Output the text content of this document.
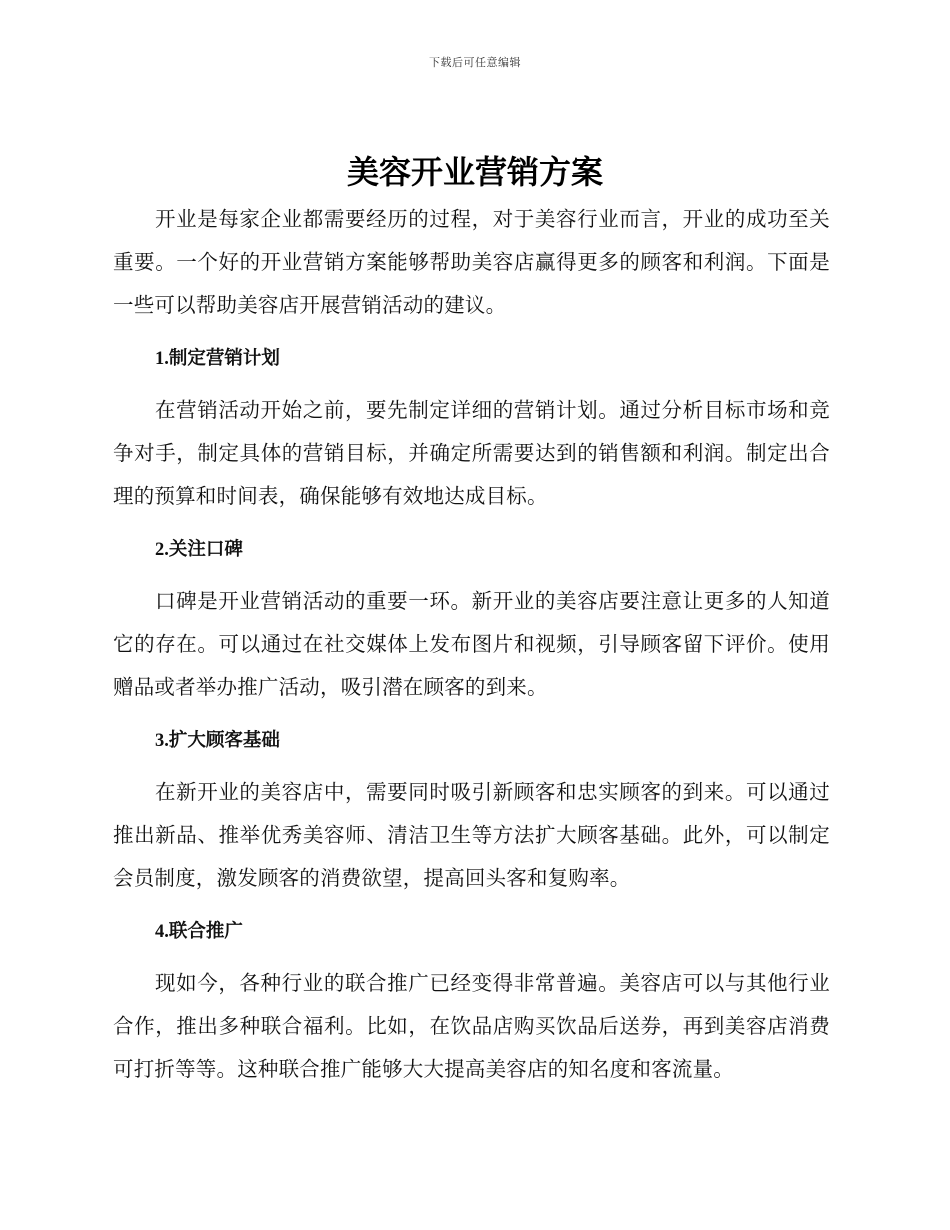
下载后可任意编辑
美容开业营销方案

开业是每家企业都需要经历的过程，对于美容行业而言，开业的成功至关重要。一个好的开业营销方案能够帮助美容店赢得更多的顾客和利润。下面是一些可以帮助美容店开展营销活动的建议。

1.制定营销计划

在营销活动开始之前，要先制定详细的营销计划。通过分析目标市场和竞争对手，制定具体的营销目标，并确定所需要达到的销售额和利润。制定出合理的预算和时间表，确保能够有效地达成目标。

2.关注口碑

口碑是开业营销活动的重要一环。新开业的美容店要注意让更多的人知道它的存在。可以通过在社交媒体上发布图片和视频，引导顾客留下评价。使用赠品或者举办推广活动，吸引潜在顾客的到来。

3.扩大顾客基础

在新开业的美容店中，需要同时吸引新顾客和忠实顾客的到来。可以通过推出新品、推举优秀美容师、清洁卫生等方法扩大顾客基础。此外，可以制定会员制度，激发顾客的消费欲望，提高回头客和复购率。

4.联合推广

现如今，各种行业的联合推广已经变得非常普遍。美容店可以与其他行业合作，推出多种联合福利。比如，在饮品店购买饮品后送券，再到美容店消费可打折等等。这种联合推广能够大大提高美容店的知名度和客流量。
